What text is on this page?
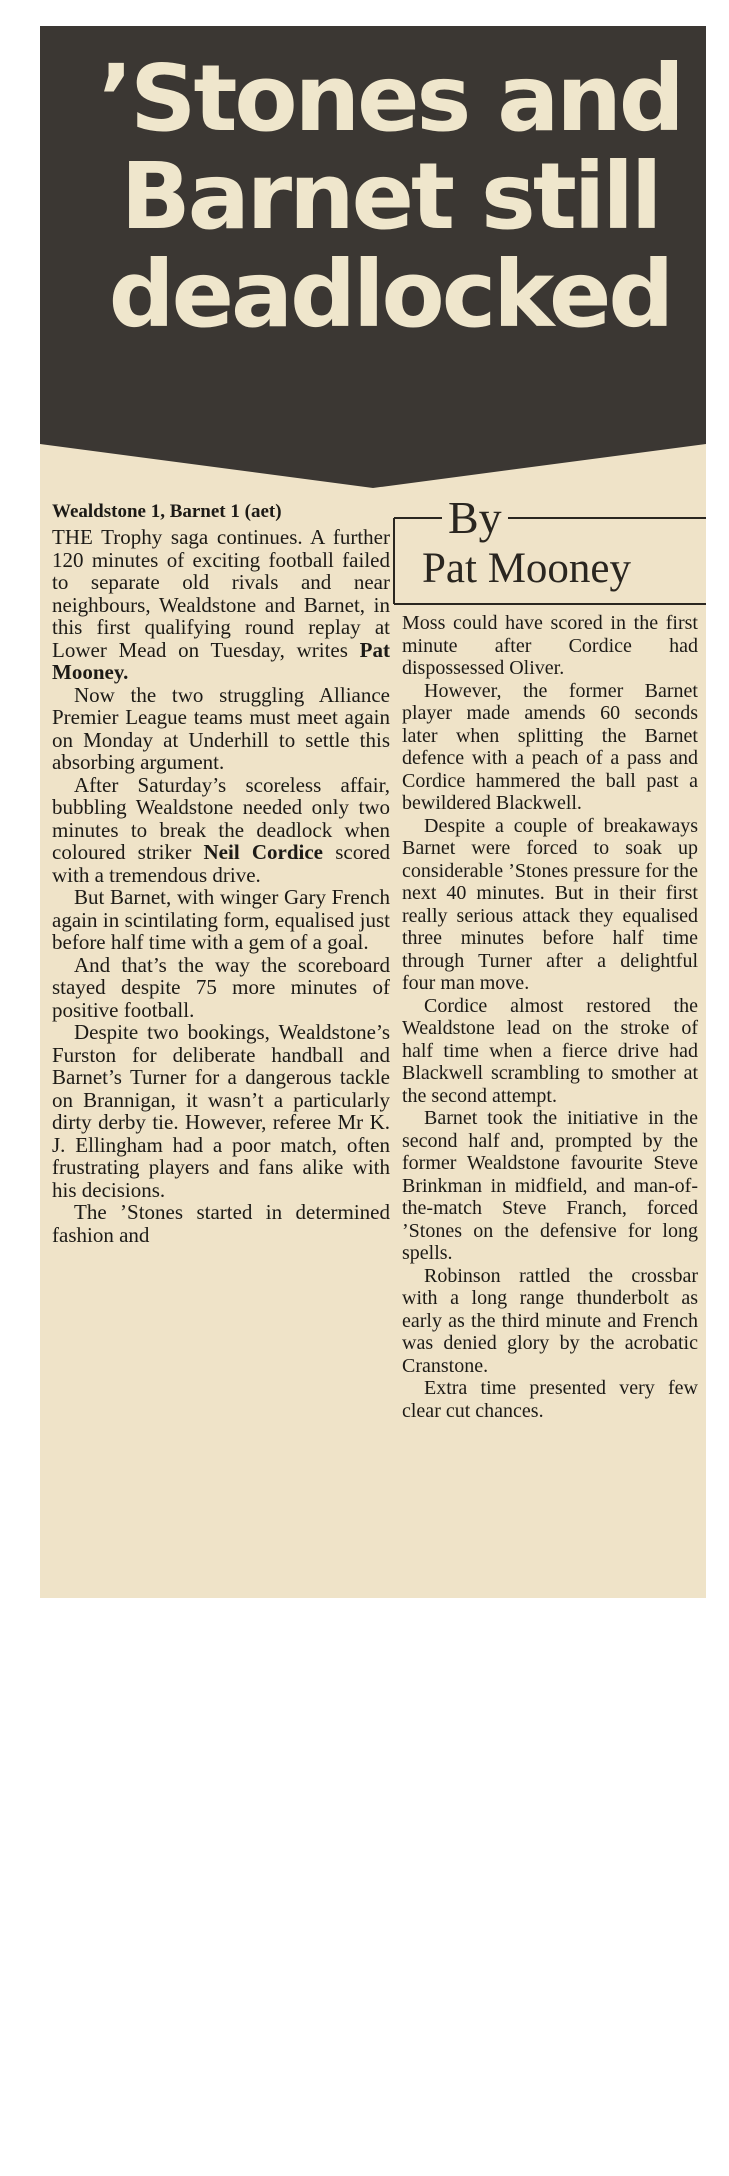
’Stones and
Barnet still
deadlocked
Wealdstone 1, Barnet 1 (aet)

THE Trophy saga continues. A further 120 minutes of exciting football failed to separate old rivals and near neighbours, Wealdstone and Barnet, in this first qualifying round replay at Lower Mead on Tuesday, writes Pat Mooney.

Now the two struggling Alliance Premier League teams must meet again on Monday at Underhill to settle this absorbing argument.

After Saturday’s scoreless affair, bubbling Wealdstone needed only two minutes to break the deadlock when coloured striker Neil Cordice scored with a tremendous drive.

But Barnet, with winger Gary French again in scintilating form, equalised just before half time with a gem of a goal.

And that’s the way the scoreboard stayed despite 75 more minutes of positive football.

Despite two bookings, Wealdstone’s Furston for deliberate handball and Barnet’s Turner for a dangerous tackle on Brannigan, it wasn’t a particularly dirty derby tie. However, referee Mr K. J. Ellingham had a poor match, often frustrating players and fans alike with his decisions.

The ’Stones started in determined fashion and

By
Pat Mooney

Moss could have scored in the first minute after Cordice had dispossessed Oliver.

However, the former Barnet player made amends 60 seconds later when splitting the Barnet defence with a peach of a pass and Cordice hammered the ball past a bewildered Blackwell.

Despite a couple of breakaways Barnet were forced to soak up considerable ’Stones pressure for the next 40 minutes. But in their first really serious attack they equalised three minutes before half time through Turner after a delightful four man move.

Cordice almost restored the Wealdstone lead on the stroke of half time when a fierce drive had Blackwell scrambling to smother at the second attempt.

Barnet took the initiative in the second half and, prompted by the former Wealdstone favourite Steve Brinkman in midfield, and man-of-the-match Steve Franch, forced ’Stones on the defensive for long spells.

Robinson rattled the crossbar with a long range thunderbolt as early as the third minute and French was denied glory by the acrobatic Cranstone.

Extra time presented very few clear cut chances.
